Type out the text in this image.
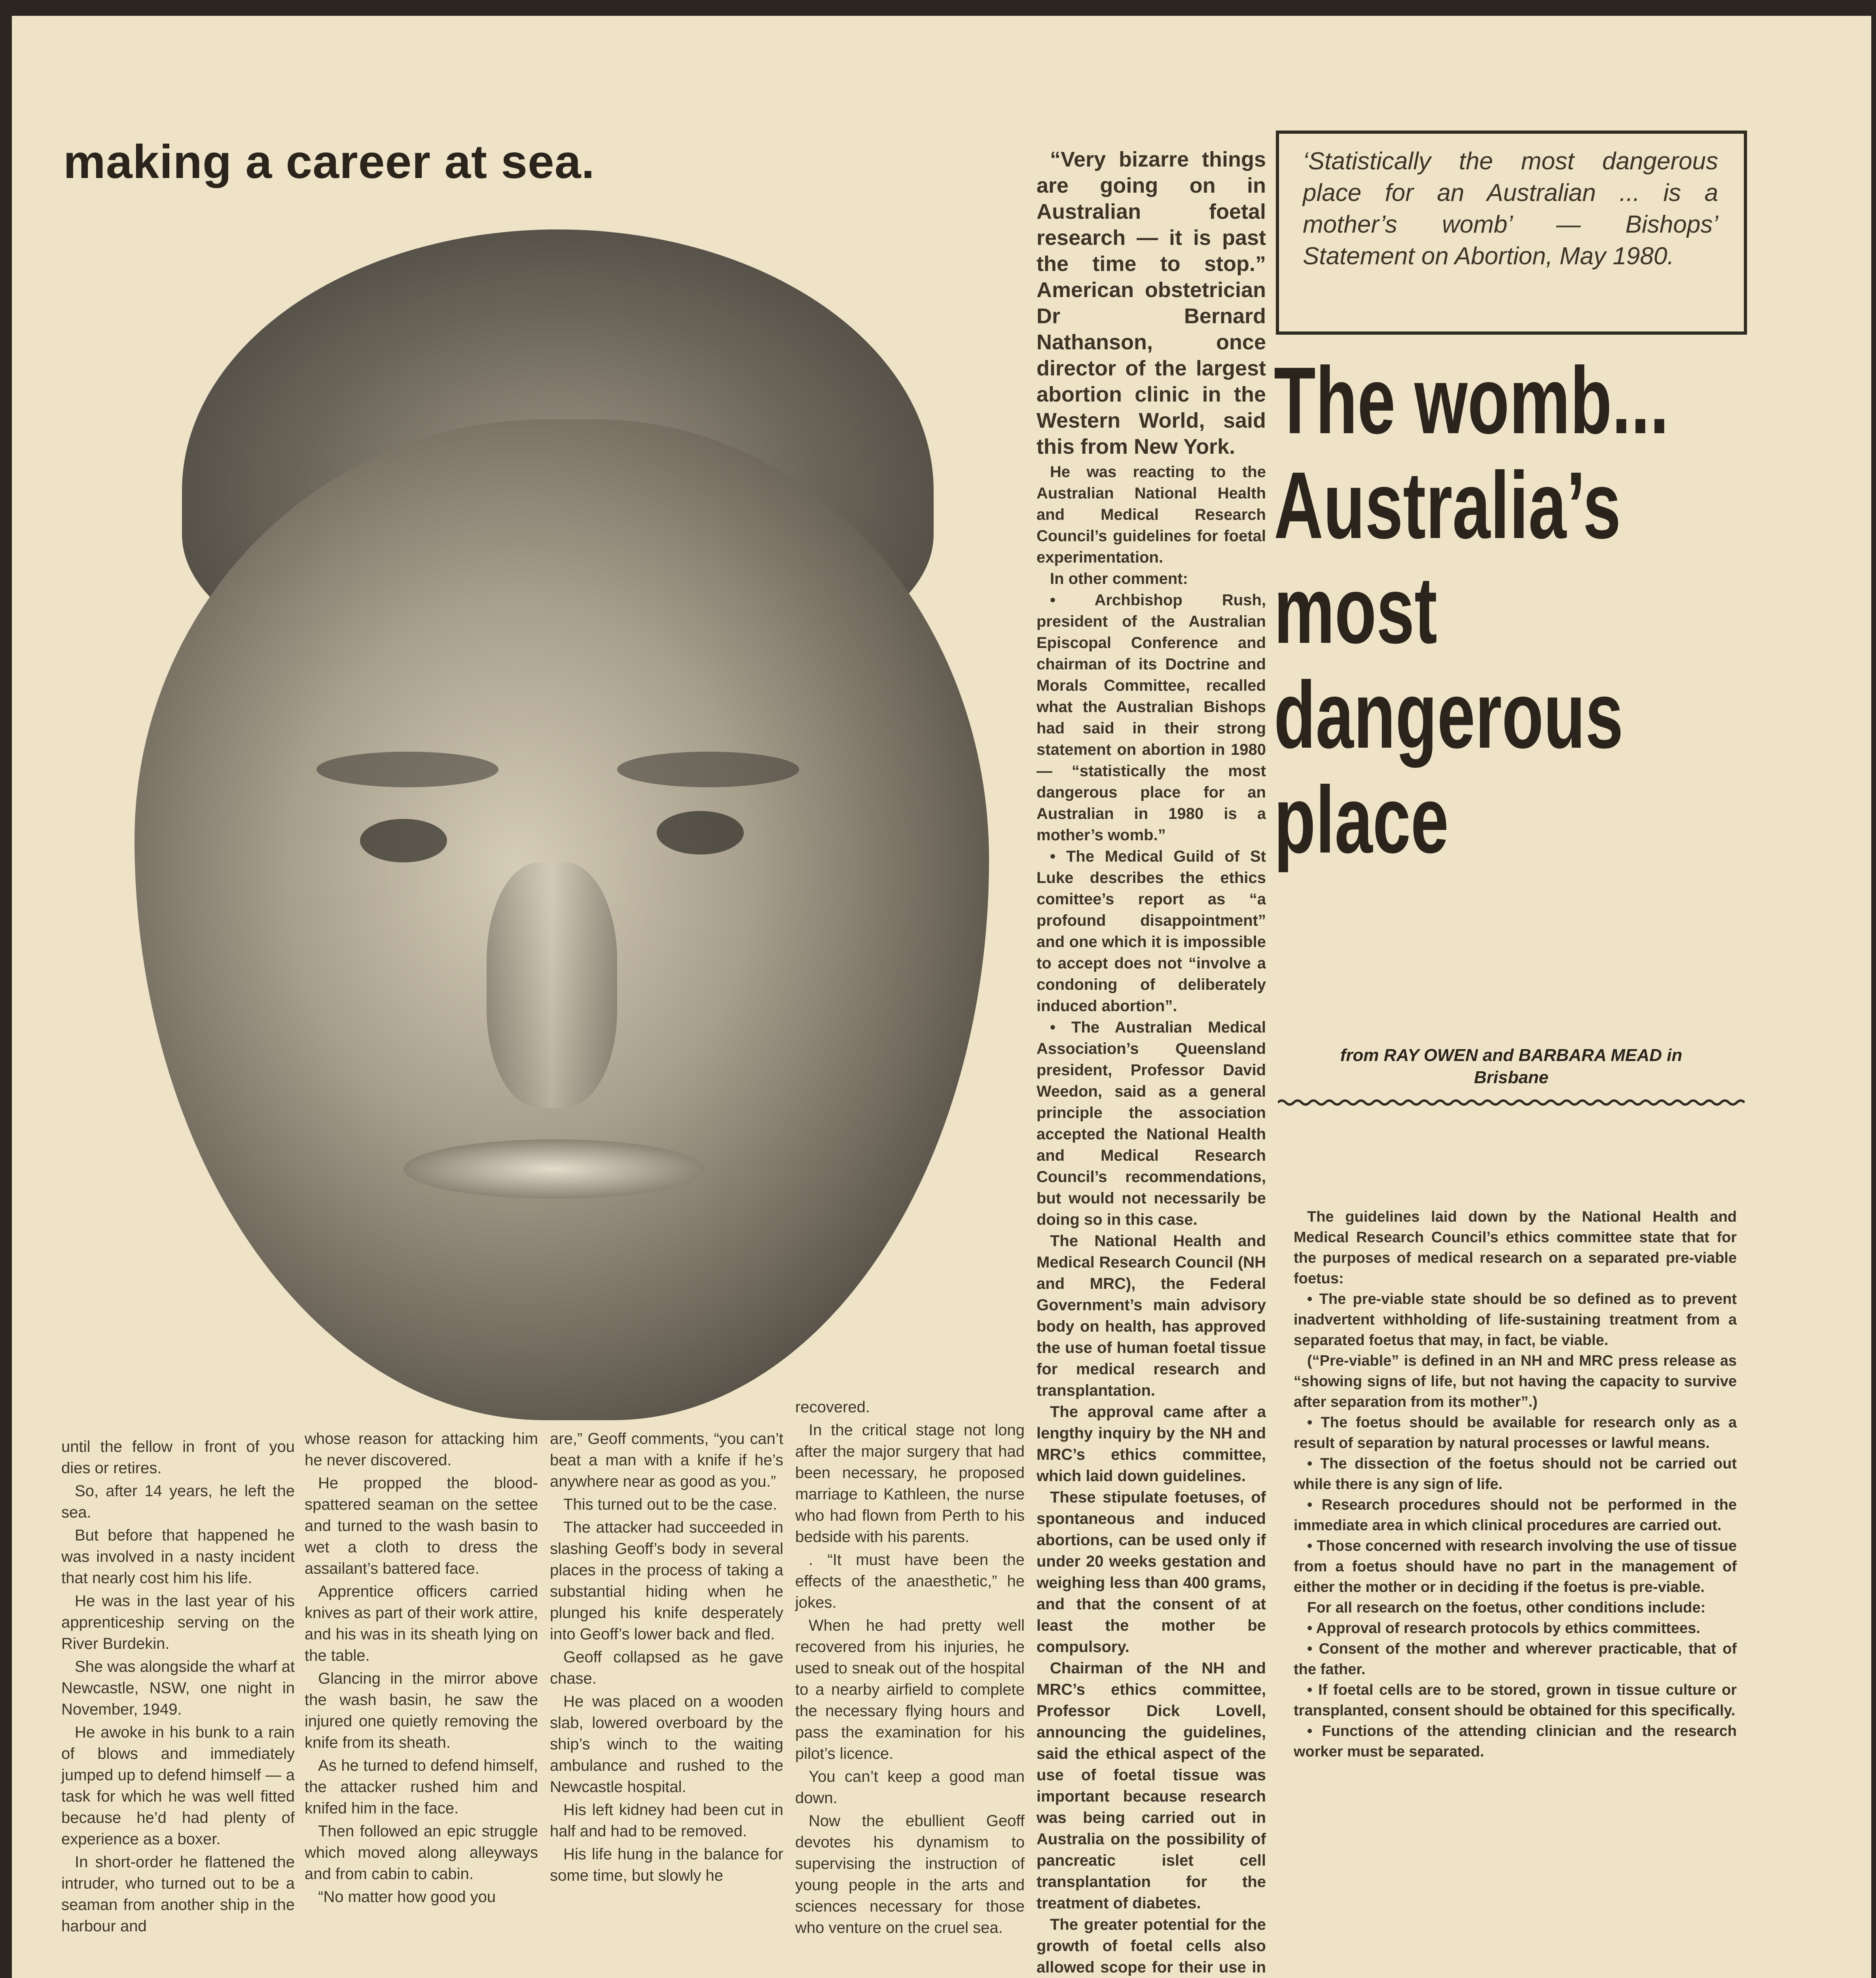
making a career at sea.	“Very bizarre things are going on in Australian foetal research — it is past the time to stop.” American obstetrician Dr Bernard Nathanson, once director of the largest abortion clinic in the Western World, said this from New York.

He was reacting to the Australian National Health and Medical Research Council’s guidelines for foetal experimentation.

In other comment:

• Archbishop Rush, president of the Australian Episcopal Conference and chairman of its Doctrine and Morals Committee, recalled what the Australian Bishops had said in their strong statement on abortion in 1980 — “statistically the most dangerous place for an Australian in 1980 is a mother’s womb.”

• The Medical Guild of St Luke describes the ethics comittee’s report as “a profound disappointment” and one which it is impossible to accept does not “involve a condoning of deliberately induced abortion”.

• The Australian Medical Association’s Queensland president, Professor David Weedon, said as a general principle the association accepted the National Health and Medical Research Council’s recommendations, but would not necessarily be doing so in this case.

The National Health and Medical Research Council (NH and MRC), the Federal Government’s main advisory body on health, has approved the use of human foetal tissue for medical research and transplantation.

The approval came after a lengthy inquiry by the NH and MRC’s ethics committee, which laid down guidelines.

These stipulate foetuses, of spontaneous and induced abortions, can be used only if under 20 weeks gestation and weighing less than 400 grams, and that the consent of at least the mother be compulsory.

Chairman of the NH and MRC’s ethics committee, Professor Dick Lovell, announcing the guidelines, said the ethical aspect of the use of foetal tissue was important because research was being carried out in Australia on the possibility of pancreatic islet cell transplantation for the treatment of diabetes.

The greater potential for the growth of foetal cells also allowed scope for their use in

until the fellow in front of you dies or retires.

So, after 14 years, he left the sea.

But before that happened he was involved in a nasty incident that nearly cost him his life.

He was in the last year of his apprenticeship serving on the River Burdekin.

She was alongside the wharf at Newcastle, NSW, one night in November, 1949.

He awoke in his bunk to a rain of blows and immediately jumped up to defend himself — a task for which he was well fitted because he’d had plenty of experience as a boxer.

In short-order he flattened the intruder, who turned out to be a seaman from another ship in the harbour and

whose reason for attacking him he never discovered.

He propped the blood-spattered seaman on the settee and turned to the wash basin to wet a cloth to dress the assailant’s battered face.

Apprentice officers carried knives as part of their work attire, and his was in its sheath lying on the table.

Glancing in the mirror above the wash basin, he saw the injured one quietly removing the knife from its sheath.

As he turned to defend himself, the attacker rushed him and knifed him in the face.

Then followed an epic struggle which moved along alleyways and from cabin to cabin.

“No matter how good you

are,” Geoff comments, “you can’t beat a man with a knife if he’s anywhere near as good as you.”

This turned out to be the case.

The attacker had succeeded in slashing Geoff’s body in several places in the process of taking a substantial hiding when he plunged his knife desperately into Geoff’s lower back and fled.

Geoff collapsed as he gave chase.

He was placed on a wooden slab, lowered overboard by the ship’s winch to the waiting ambulance and rushed to the Newcastle hospital.

His left kidney had been cut in half and had to be removed.

His life hung in the balance for some time, but slowly he

recovered.

In the critical stage not long after the major surgery that had been necessary, he proposed marriage to Kathleen, the nurse who had flown from Perth to his bedside with his parents.

. “It must have been the effects of the anaesthetic,” he jokes.

When he had pretty well recovered from his injuries, he used to sneak out of the hospital to a nearby airfield to complete the necessary flying hours and pass the examination for his pilot’s licence.

You can’t keep a good man down.

Now the ebullient Geoff devotes his dynamism to supervising the instruction of young people in the arts and sciences necessary for those who venture on the cruel sea.

‘Statistically the most dangerous place for an Australian ... is a mother’s womb’ — Bishops’ Statement on Abortion, May 1980.
The womb...
Australia’s
most
dangerous
place
from RAY OWEN and BARBARA MEAD in
Brisbane

The guidelines laid down by the National Health and Medical Research Council’s ethics committee state that for the purposes of medical research on a separated pre-viable foetus:

• The pre-viable state should be so defined as to prevent inadvertent withholding of life-sustaining treatment from a separated foetus that may, in fact, be viable.

(“Pre-viable” is defined in an NH and MRC press release as “showing signs of life, but not having the capacity to survive after separation from its mother”.)

• The foetus should be available for research only as a result of separation by natural processes or lawful means.

• The dissection of the foetus should not be carried out while there is any sign of life.

• Research procedures should not be performed in the immediate area in which clinical procedures are carried out.

• Those concerned with research involving the use of tissue from a foetus should have no part in the management of either the mother or in deciding if the foetus is pre-viable.

For all research on the foetus, other conditions include:

• Approval of research protocols by ethics committees.

• Consent of the mother and wherever practicable, that of the father.

• If foetal cells are to be stored, grown in tissue culture or transplanted, consent should be obtained for this specifically.

• Functions of the attending clinician and the research worker must be separated.
